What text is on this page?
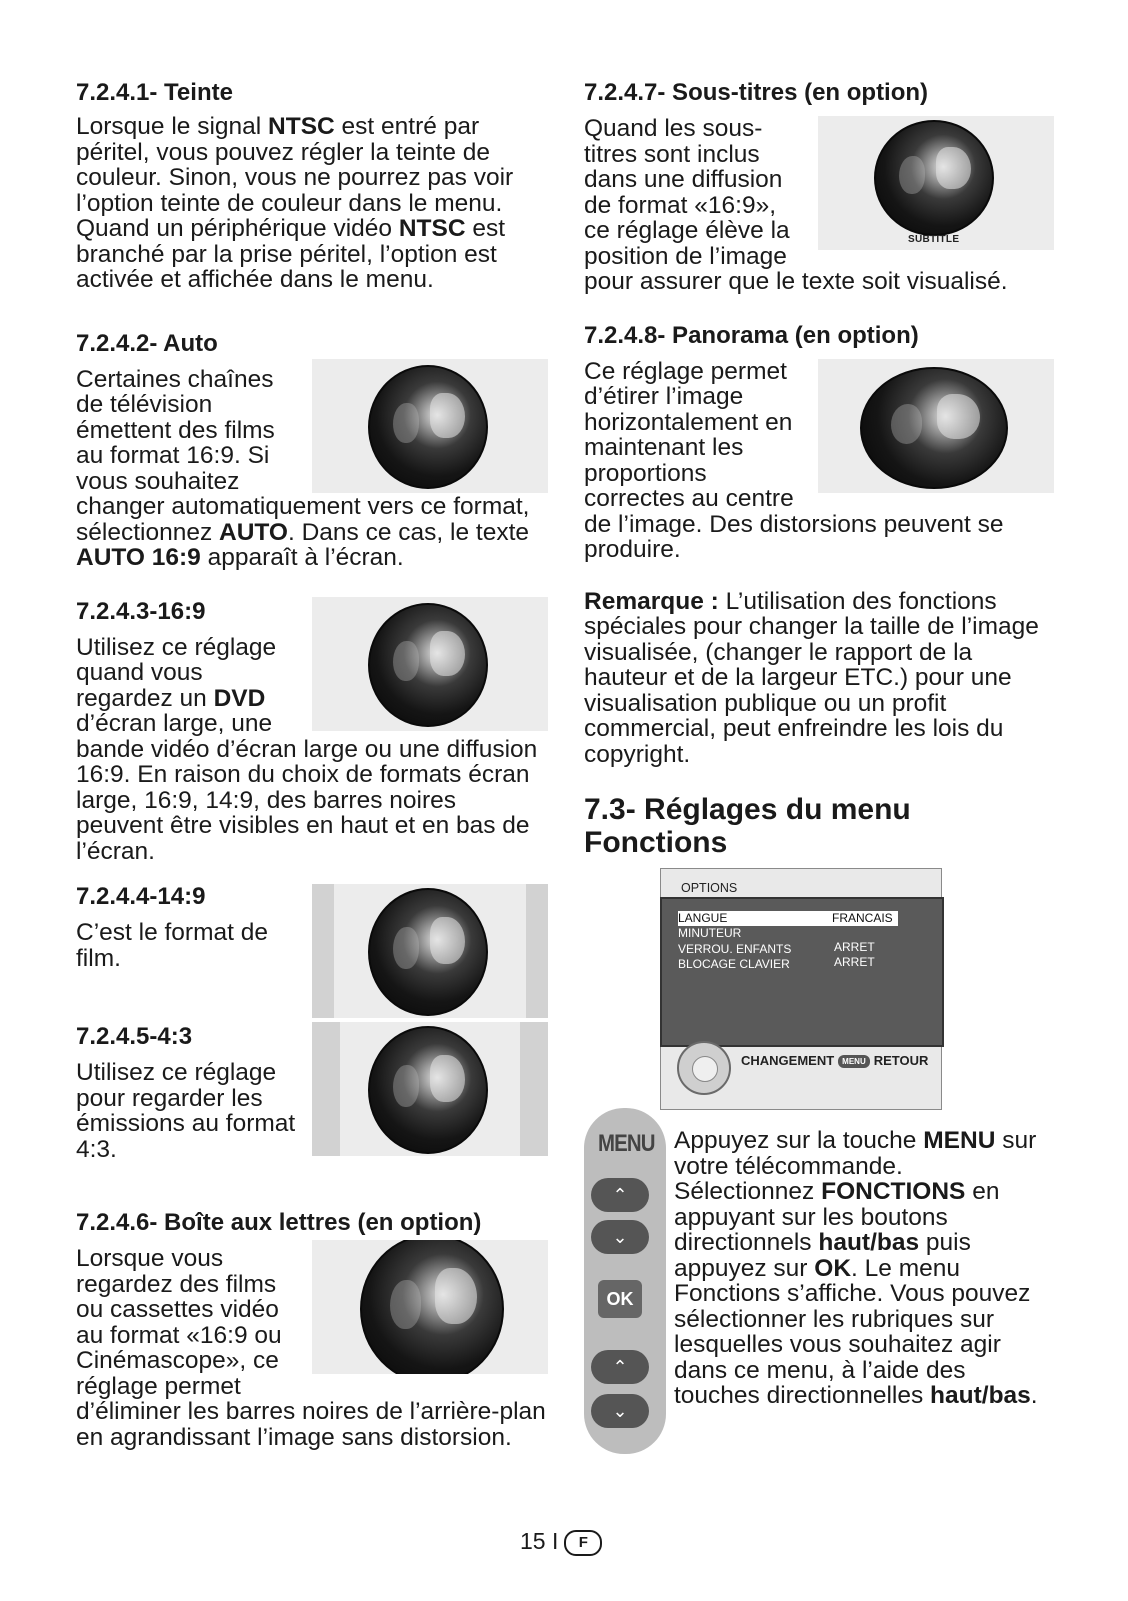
7.2.4.1- Teinte

Lorsque le signal NTSC est entré par péritel, vous pouvez régler la teinte de couleur. Sinon, vous ne pourrez pas voir l’option teinte de couleur dans le menu. Quand un périphérique vidéo NTSC est branché par la prise péritel, l’option est activée et affichée dans le menu.

7.2.4.2- Auto

Certaines chaînes de télévision émettent des films au format 16:9. Si vous souhaitez changer automatiquement vers ce format, sélectionnez AUTO. Dans ce cas, le texte AUTO 16:9 apparaît à l’écran.

7.2.4.3-16:9

Utilisez ce réglage quand vous regardez un DVD d’écran large, une bande vidéo d’écran large ou une diffusion 16:9. En raison du choix de formats écran large, 16:9, 14:9, des barres noires peuvent être visibles en haut et en bas de l’écran.

7.2.4.4-14:9

C’est le format de film.

7.2.4.5-4:3

Utilisez ce réglage pour regarder les émissions au format 4:3.

7.2.4.6- Boîte aux lettres (en option)

Lorsque vous regardez des films ou cassettes vidéo au format «16:9 ou Cinémascope», ce réglage permet d’éliminer les barres noires de l’arrière-plan en agrandissant l’image sans distorsion.

7.2.4.7- Sous-titres (en option)
SUBTITLE

Quand les sous-titres sont inclus dans une diffusion de format «16:9», ce réglage élève la position de l’image pour assurer que le texte soit visualisé.

7.2.4.8- Panorama (en option)

Ce réglage permet d’étirer l’image horizontalement en maintenant les proportions correctes au centre de l’image. Des distorsions peuvent se produire.

Remarque : L’utilisation des fonctions spéciales pour changer la taille de l’image visualisée, (changer le rapport de la hauteur et de la largeur ETC.) pour une visualisation publique ou un profit commercial, peut enfreindre les lois du copyright.

7.3- Réglages du menu Fonctions
OPTIONS
LANGUE	FRANCAIS
MINUTEUR
VERROU. ENFANTS	ARRET
BLOCAGE CLAVIER	ARRET
CHANGEMENT MENU RETOUR
MENU
⌃
⌄
OK
⌃
⌄

Appuyez sur la touche MENU sur votre télécommande. Sélectionnez FONCTIONS en appuyant sur les boutons directionnels haut/bas puis appuyez sur OK. Le menu Fonctions s’affiche. Vous pouvez sélectionner les rubriques sur lesquelles vous souhaitez agir dans ce menu, à l’aide des touches directionnelles haut/bas.

15 I F
